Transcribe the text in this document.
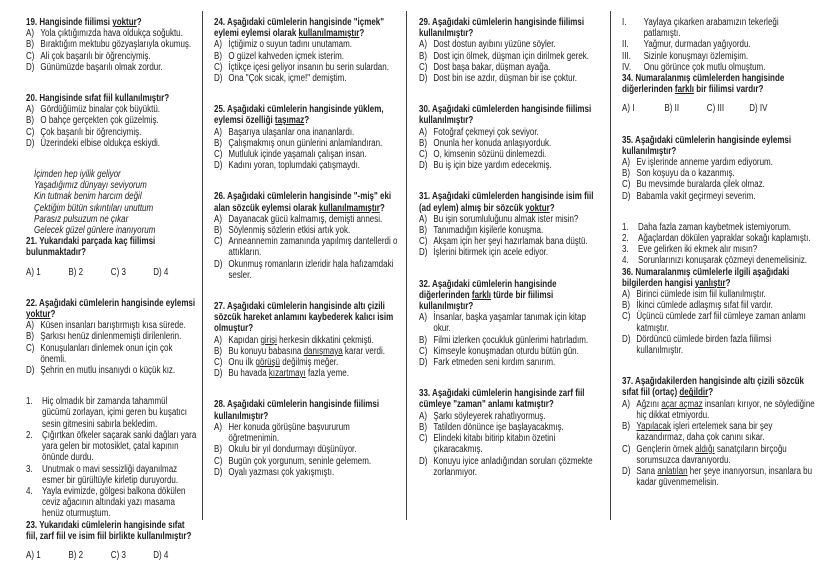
19. Hangisinde fiilimsi yoktur?

A) Yola çıktığımızda hava oldukça soğuktu.
B) Bıraktığım mektubu gözyaşlarıyla okumuş.
C) Ali çok başarılı bir öğrenciymiş.
D) Günümüzde başarılı olmak zordur.

20. Hangisinde sıfat fiil kullanılmıştır?

A) Gördüğümüz binalar çok büyüktü.
B) O bahçe gerçekten çok güzelmiş.
C) Çok başarılı bir öğrenciymiş.
D) Üzerindeki elbise oldukça eskiydi.
İçimden hep iyilik geliyor
Yaşadığımız dünyayı seviyorum
Kin tutmak benim harcım değil
Çektiğim bütün sıkıntıları unuttum
Parasız pulsuzum ne çıkar
Gelecek güzel günlere inanıyorum

21. Yukarıdaki parçada kaç fiilimsi bulunmaktadır?

A) 1	B) 2	C) 3	D) 4

22. Aşağıdaki cümlelerin hangisinde eylemsi yoktur?

A) Küsen insanları barıştırmıştı kısa sürede.
B) Şarkısı henüz dinlenmemişti dirilenlerin.
C) Konuşulanları dinlemek onun için çok önemli.
D) Şehrin en mutlu insanıydı o küçük kız.
1. Hiç olmadık bir zamanda tahammül gücümü zorlayan, içimi geren bu kuşatıcı sesin gitmesini sabırla bekledim.
2. Çığırtkan öfkeler saçarak sanki dağları yara yara gelen bir motosiklet, çatal kapının önünde durdu.
3. Unutmak o mavi sessizliği dayanılmaz esmer bir gürültüyle kirletip duruyordu.
4. Yayla evimizde, gölgesi balkona dökülen ceviz ağacının altındaki yazı masama henüz oturmuştum.

23. Yukarıdaki cümlelerin hangisinde sıfat fiil, zarf fiil ve isim fiil birlikte kullanılmıştır?

A) 1	B) 2	C) 3	D) 4

24. Aşağıdaki cümlelerin hangisinde "içmek" eylemi eylemsi olarak kullanılmamıştır?

A) İçtiğimiz o suyun tadını unutamam.
B) O güzel kahveden içmek isterim.
C) İçtikçe içesi geliyor insanın bu serin sulardan.
D) Ona "Çok sıcak, içme!" demiştim.

25. Aşağıdaki cümlelerin hangisinde yüklem, eylemsi özelliği taşımaz?

A) Başarıya ulaşanlar ona inananlardı.
B) Çalışmakmış onun günlerini anlamlandıran.
C) Mutluluk içinde yaşamalı çalışan insan.
D) Kadını yoran, toplumdaki çatışmaydı.

26. Aşağıdaki cümlelerin hangisinde "-miş" eki alan sözcük eylemsi olarak kullanılmamıştır?

A) Dayanacak gücü kalmamış, demişti annesi.
B) Söylenmiş sözlerin etkisi artık yok.
C) Anneannemin zamanında yapılmış dantellerdi o attıkların.
D) Okunmuş romanların izleridir hala hafızamdaki sesler.

27. Aşağıdaki cümlelerin hangisinde altı çizili sözcük hareket anlamını kaybederek kalıcı isim olmuştur?

A) Kapıdan girişi herkesin dikkatini çekmişti.
B) Bu konuyu babasına danışmaya karar verdi.
C) Onu ilk görüşü değilmiş meğer.
D) Bu havada kızartmayı fazla yeme.

28. Aşağıdaki cümlelerin hangisinde fiilimsi kullanılmıştır?

A) Her konuda görüşüne başvururum öğretmenimin.
B) Okulu bir yıl dondurmayı düşünüyor.
C) Bugün çok yorgunum, seninle gelemem.
D) Oyalı yazması çok yakışmıştı.

29. Aşağıdaki cümlelerin hangisinde fiilimsi kullanılmıştır?

A) Dost dostun ayıbını yüzüne söyler.
B) Dost için ölmek, düşman için dirilmek gerek.
C) Dost başa bakar, düşman ayağa.
D) Dost bin ise azdır, düşman bir ise çoktur.

30. Aşağıdaki cümlelerden hangisinde fiilimsi kullanılmıştır?

A) Fotoğraf çekmeyi çok seviyor.
B) Onunla her konuda anlaşıyorduk.
C) O, kimsenin sözünü dinlemezdi.
D) Bu iş için bize yardım edecekmiş.

31. Aşağıdaki cümlelerden hangisinde isim fiil (ad eylem) almış bir sözcük yoktur?

A) Bu işin sorumluluğunu almak ister misin?
B) Tanımadığın kişilerle konuşma.
C) Akşam için her şeyi hazırlamak bana düştü.
D) İşlerini bitirmek için acele ediyor.

32. Aşağıdaki cümlelerin hangisinde diğerlerinden farklı türde bir fiilimsi kullanılmıştır?

A) İnsanlar, başka yaşamlar tanımak için kitap okur.
B) Filmi izlerken çocukluk günlerimi hatırladım.
C) Kimseyle konuşmadan oturdu bütün gün.
D) Fark etmeden seni kırdım sanırım.

33. Aşağıdaki cümlelerin hangisinde zarf fiil cümleye "zaman" anlamı katmıştır?

A) Şarkı söyleyerek rahatlıyormuş.
B) Tatilden dönünce işe başlayacakmış.
C) Elindeki kitabı bitirip kitabın özetini çıkaracakmış.
D) Konuyu iyice anladığından soruları çözmekte zorlanmıyor.
I.	Yaylaya çıkarken arabamızın tekerleği patlamıştı.
II.	Yağmur, durmadan yağıyordu.
III.	Sizinle konuşmayı özlemişim.
IV.	Onu görünce çok mutlu olmuştum.

34. Numaralanmış cümlelerden hangisinde diğerlerinden farklı bir fiilimsi vardır?

A) I	B) II	C) III	D) IV

35. Aşağıdaki cümlelerin hangisinde eylemsi kullanılmıştır?

A) Ev işlerinde anneme yardım ediyorum.
B) Son koşuyu da o kazanmış.
C) Bu mevsimde buralarda çilek olmaz.
D) Babamla vakit geçirmeyi severim.
1. Daha fazla zaman kaybetmek istemiyorum.
2. Ağaçlardan dökülen yapraklar sokağı kaplamıştı.
3. Eve gelirken iki ekmek alır mısın?
4. Sorunlarınızı konuşarak çözmeyi denemelisiniz.

36. Numaralanmış cümlelerle ilgili aşağıdaki bilgilerden hangisi yanlıştır?

A) Birinci cümlede isim fiil kullanılmıştır.
B) İkinci cümlede adlaşmış sıfat fiil vardır.
C) Üçüncü cümlede zarf fiil cümleye zaman anlamı katmıştır.
D) Dördüncü cümlede birden fazla fiilimsi kullanılmıştır.

37. Aşağıdakilerden hangisinde altı çizili sözcük sıfat fiil (ortaç) değildir?

A) Ağzını açar açmaz insanları kırıyor, ne söylediğine hiç dikkat etmiyordu.
B) Yapılacak işleri ertelemek sana bir şey kazandırmaz, daha çok canını sıkar.
C) Gençlerin örnek aldığı sanatçıların birçoğu sorumsuzca davranıyordu.
D) Sana anlatılan her şeye inanıyorsun, insanlara bu kadar güvenmemelisin.
